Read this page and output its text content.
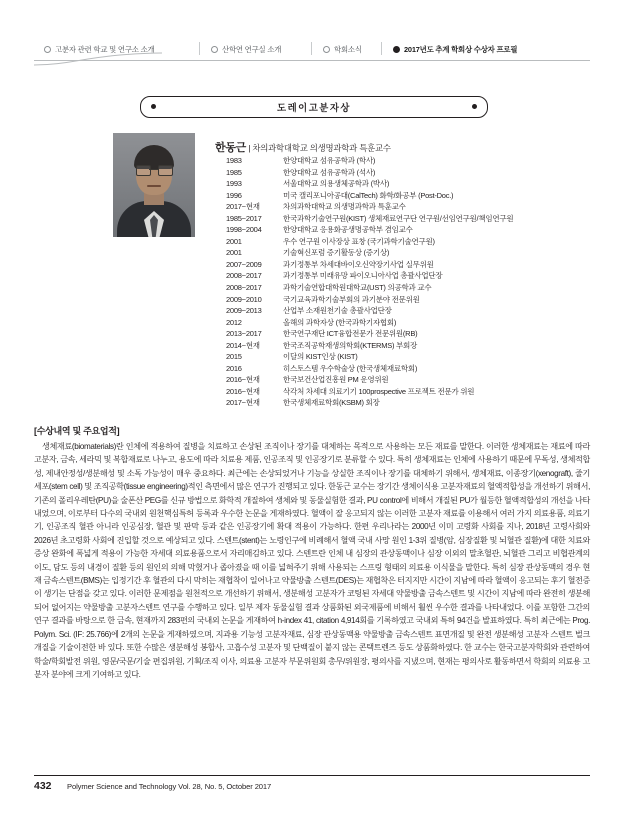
고분자 관련 학교 및 연구소 소개	산학연 연구실 소개	학회소식	2017년도 추계 학회상 수상자 프로필
도레이고분자상
한동근 | 차의과학대학교 의생명과학과 특훈교수
1983	한양대학교 섬유공학과 (학사)
1985	한양대학교 섬유공학과 (석사)
1993	서울대학교 의용생체공학과 (박사)
1996	미국 캘리포니아공대(CalTech) 화학/화공부 (Post-Doc.)
2017~현재	차의과학대학교 의생명과학과 특훈교수
1985~2017	한국과학기술연구원(KIST) 생체재료연구단 연구원/선임연구원/책임연구원
1998~2004	한양대학교 응용화공생명공학부 겸임교수
2001	우수 연구원 이사장상 표창 (국기과학기술연구원)
2001	기술혁신포럼 증기활동상 (증기상)
2007~2009	과기정통부 차세대바이오신약장기사업 실무위원
2008~2017	과기정통부 미래유망 파이오니아사업 총괄사업단장
2008~2017	과학기술연합대학원대학교(UST) 의공학과 교수
2009~2010	국기교육과학기술부회의 과기분야 전문위원
2009~2013	산업부 소재원천기술 총괄사업단장
2012	올해의 과학자상 (한국과학기자협회)
2013~2017	한국연구재단 ICT융합전문가 전문위원(RB)
2014~현재	한국조직공학재생의학회(KTERMS) 부회장
2015	이달의 KIST인상 (KIST)
2016	히스토스템 우수학술상 (한국생체재료학회)
2016~현재	한국보건산업진흥원 PM 운영위원
2016~현재	삭각처 차세대 의료기기 100prospective 프로젝트 전문가 위원
2017~현재	한국생체재료학회(KSBM) 회장
[수상내역 및 주요업적]

생체재료(biomaterials)란 인체에 적용하여 질병을 치료하고 손상된 조직이나 장기를 대체하는 목적으로 사용하는 모든 재료를 말한다. 이러한 생체재료는 재료에 따라 고분자, 금속, 세라믹 및 복합재료로 나누고, 용도에 따라 치료용 제품, 인공조직 및 인공장기로 분류할 수 있다. 특히 생체재료는 인체에 사용하기 때문에 무독성, 생체적합성, 제내안정성/생분해성 및 소독 가능성이 매우 중요하다. 최근에는 손상되었거나 기능을 상실한 조직이나 장기를 대체하기 위해서, 생체재료, 이종장기(xenograft), 줄기세포(stem cell) 및 조직공학(tissue engineering)적인 측면에서 많은 연구가 진행되고 있다. 한동근 교수는 장기간 생체이식용 고분자재료의 혈액적합성을 개선하기 위해서, 기존의 폴리우레탄(PU)을 술폰산 PEG를 신규 방법으로 화학적 개질하여 생체와 및 동물실험한 결과, PU control에 비해서 개질된 PU가 월등한 혈액적합성의 개선을 나타내었으며, 이로부터 다수의 국내외 원천핵심특허 등록과 우수한 논문을 게재하였다. 혈액이 잘 응고되지 않는 이러한 고분자 재료를 이용해서 여러 가지 의료용품, 의료기기, 인공조직 혈관 아니라 인공심장, 혈관 및 판막 등과 같은 인공장기에 확대 적용이 가능하다. 한편 우리나라는 2000년 이미 고령화 사회를 지나, 2018년 고령사회와 2026년 초고령화 사회에 진입할 것으로 예상되고 있다. 스텐트(stent)는 노령인구에 비례해서 혈액 국내 사망 원인 1-3위 질병(암, 심장질환 및 뇌혈관 질환)에 대한 치료와 증상 완화에 폭넓게 적용이 가능한 자세대 의료용품으로서 자리매김하고 있다. 스텐트란 인체 내 심장의 관상동맥이나 심장 이외의 말초혈관, 뇌혈관 그리고 비협관계의 이도, 담도 등의 내경이 질환 등의 원인의 의해 막혔거나 좁아졌을 때 이를 넓혀주기 위해 사용되는 스프링 형태의 의료용 이식물을 말한다. 특히 심장 관상동맥의 경우 현재 금속스텐트(BMS)는 입정기간 후 혈관의 다시 막히는 재협착이 일어나고 약물방출 스텐트(DES)는 재협착은 터지지만 시간이 지남에 따라 혈액이 응고되는 후기 혈전증이 생기는 단점을 갖고 있다. 이러한 문제점을 원천적으로 개선하기 위해서, 생분해성 고분자가 코팅된 자세대 약물방출 금속스텐트 및 시간이 지남에 따라 완전히 생분해되어 없어지는 약물방출 고분자스텐트 연구를 수행하고 있다. 일부 제자 동물실험 결과 상품화된 외국제품에 비해서 훨씬 우수한 결과를 나타내었다. 이를 포함한 그간의 연구 결과를 바탕으로 한 금속, 현재까지 283편의 국내외 논문을 게재하여 h-index 41, citation 4,914회를 기록하였고 국내외 특허 94건을 발표하였다. 특히 최근에는 Prog. Polym. Sci. (IF: 25.766)에 2개의 논문을 게재하였으며, 지과용 기능성 고분자재료, 심장 관상동맥용 약물방출 금속스텐트 표면개질 및 완전 생분해성 고분자 스텐트 벌크개질을 기술이전한 바 있다. 또한 수많은 생분해성 봉합사, 고흡수성 고분자 및 단백질이 붙지 않는 콘택트렌즈 등도 상품화하였다. 한 교수는 한국고분자학회와 관련하여 학술/학회발전 위원, 영문/국문/기술 편집위원, 기획/조직 이사, 의료용 고분자 부문위원회 총무/위원장, 평의사를 지냈으며, 현재는 평의사로 활동하면서 학회의 의료용 고분자 분야에 크게 기여하고 있다.

432 Polymer Science and Technology Vol. 28, No. 5, October 2017
